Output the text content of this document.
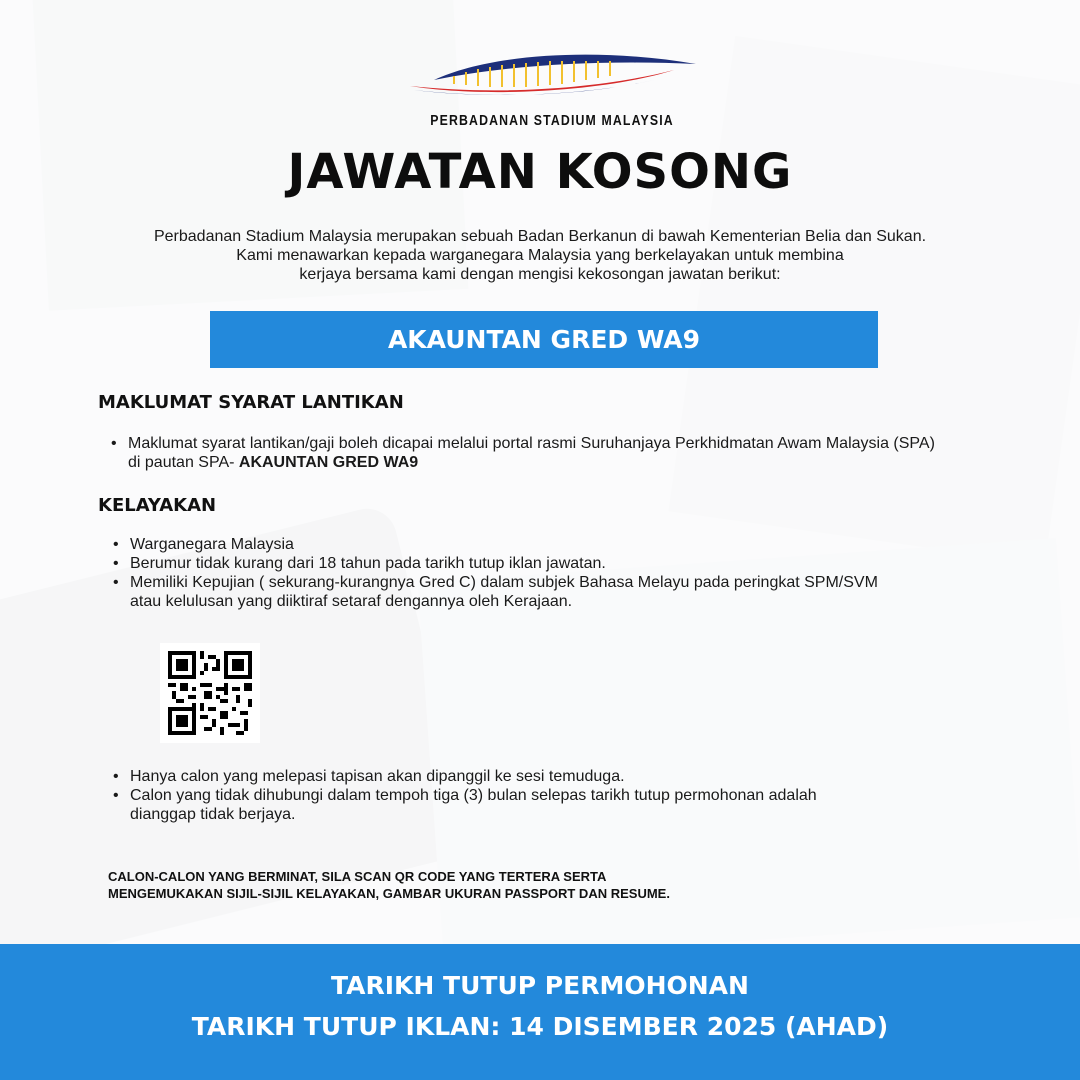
PERBADANAN STADIUM MALAYSIA
JAWATAN KOSONG
Perbadanan Stadium Malaysia merupakan sebuah Badan Berkanun di bawah Kementerian Belia dan Sukan.
Kami menawarkan kepada warganegara Malaysia yang berkelayakan untuk membina
kerjaya bersama kami dengan mengisi kekosongan jawatan berikut:
AKAUNTAN GRED WA9
MAKLUMAT SYARAT LANTIKAN
• Maklumat syarat lantikan/gaji boleh dicapai melalui portal rasmi Suruhanjaya Perkhidmatan Awam Malaysia (SPA)
di pautan SPA- AKAUNTAN GRED WA9
KELAYAKAN
• Warganegara Malaysia
• Berumur tidak kurang dari 18 tahun pada tarikh tutup iklan jawatan.
• Memiliki Kepujian ( sekurang-kurangnya Gred C) dalam subjek Bahasa Melayu pada peringkat SPM/SVM
atau kelulusan yang diiktiraf setaraf dengannya oleh Kerajaan.
• Hanya calon yang melepasi tapisan akan dipanggil ke sesi temuduga.
• Calon yang tidak dihubungi dalam tempoh tiga (3) bulan selepas tarikh tutup permohonan adalah
dianggap tidak berjaya.
CALON-CALON YANG BERMINAT, SILA SCAN QR CODE YANG TERTERA SERTA
MENGEMUKAKAN SIJIL-SIJIL KELAYAKAN, GAMBAR UKURAN PASSPORT DAN RESUME.
TARIKH TUTUP PERMOHONAN
TARIKH TUTUP IKLAN: 14 DISEMBER 2025 (AHAD)
